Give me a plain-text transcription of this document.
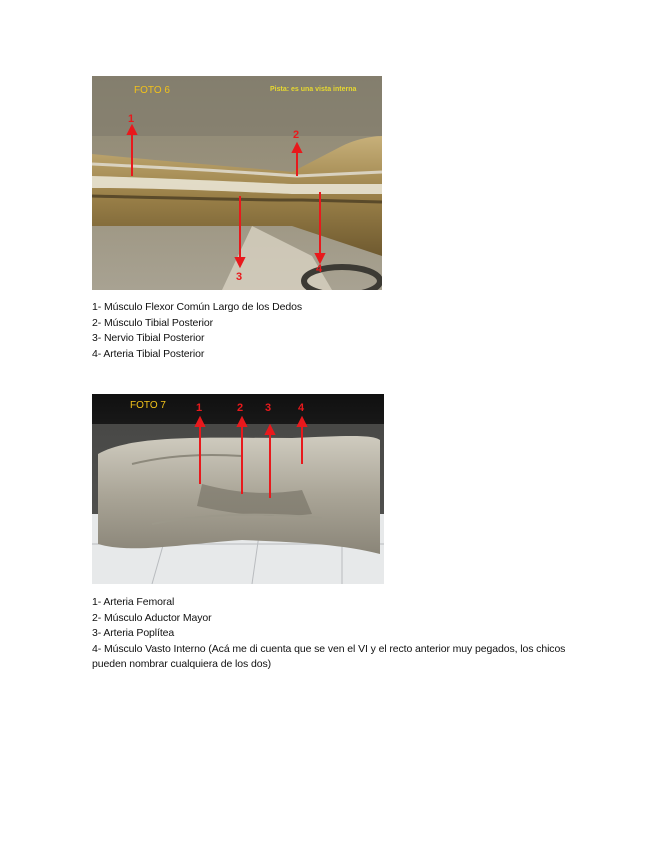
FOTO 6	Pista: es una vista interna
1
2
3
4
1- Músculo Flexor Común Largo de los Dedos
2- Músculo Tibial Posterior
3- Nervio Tibial Posterior
4- Arteria Tibial Posterior
FOTO 7	1	2 3 4
1- Arteria Femoral
2- Músculo Aductor Mayor
3- Arteria Poplítea
4- Músculo Vasto Interno (Acá me di cuenta que se ven el VI y el recto anterior muy pegados, los chicos pueden nombrar cualquiera de los dos)
